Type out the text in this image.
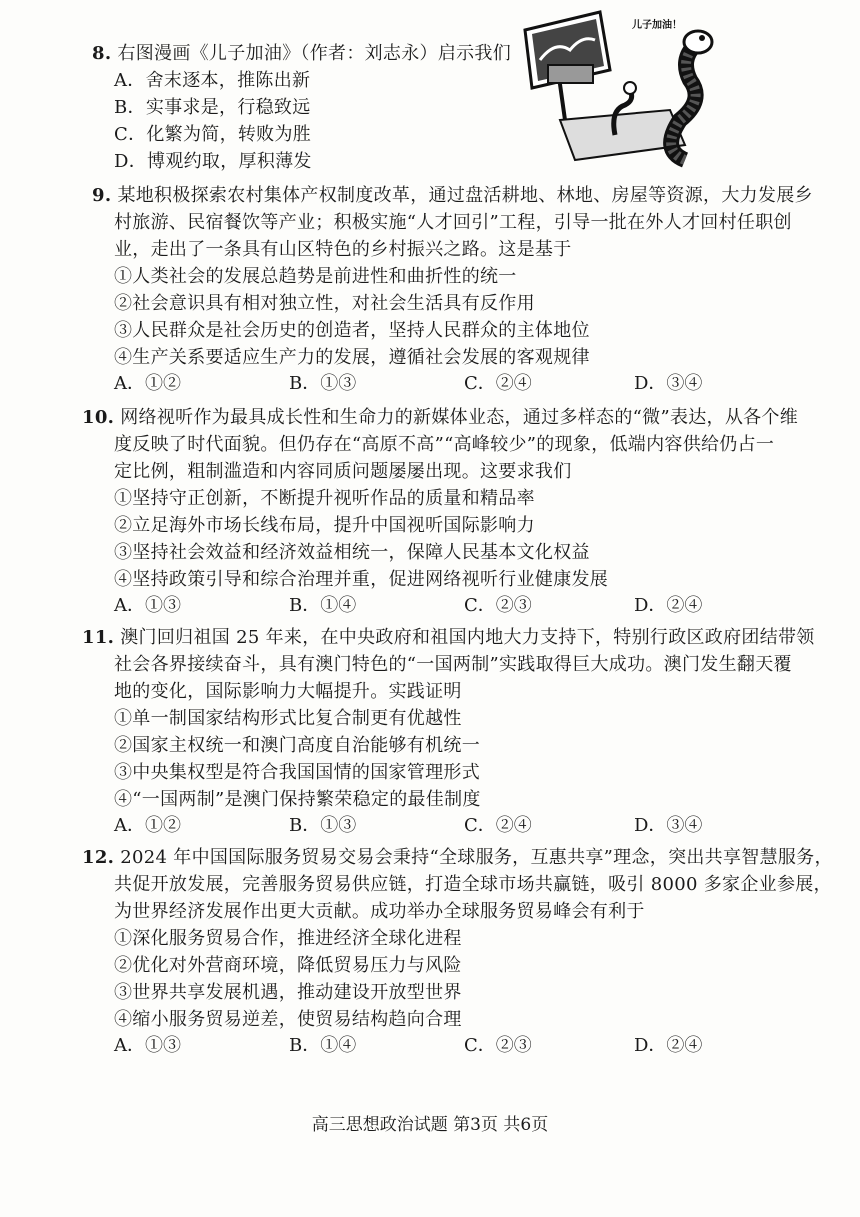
儿子加油！
8. 右图漫画《儿子加油》（作者：刘志永）启示我们
A．舍末逐本，推陈出新
B．实事求是，行稳致远
C．化繁为简，转败为胜
D．博观约取，厚积薄发
9. 某地积极探索农村集体产权制度改革，通过盘活耕地、林地、房屋等资源，大力发展乡
村旅游、民宿餐饮等产业；积极实施“人才回引”工程，引导一批在外人才回村任职创
业，走出了一条具有山区特色的乡村振兴之路。这是基于
①人类社会的发展总趋势是前进性和曲折性的统一
②社会意识具有相对独立性，对社会生活具有反作用
③人民群众是社会历史的创造者，坚持人民群众的主体地位
④生产关系要适应生产力的发展，遵循社会发展的客观规律
A．①②	B．①③	C．②④	D．③④
10. 网络视听作为最具成长性和生命力的新媒体业态，通过多样态的“微”表达，从各个维
度反映了时代面貌。但仍存在“高原不高”“高峰较少”的现象，低端内容供给仍占一
定比例，粗制滥造和内容同质问题屡屡出现。这要求我们
①坚持守正创新，不断提升视听作品的质量和精品率
②立足海外市场长线布局，提升中国视听国际影响力
③坚持社会效益和经济效益相统一，保障人民基本文化权益
④坚持政策引导和综合治理并重，促进网络视听行业健康发展
A．①③	B．①④	C．②③	D．②④
11. 澳门回归祖国 25 年来，在中央政府和祖国内地大力支持下，特别行政区政府团结带领
社会各界接续奋斗，具有澳门特色的“一国两制”实践取得巨大成功。澳门发生翻天覆
地的变化，国际影响力大幅提升。实践证明
①单一制国家结构形式比复合制更有优越性
②国家主权统一和澳门高度自治能够有机统一
③中央集权型是符合我国国情的国家管理形式
④“一国两制”是澳门保持繁荣稳定的最佳制度
A．①②	B．①③	C．②④	D．③④
12. 2024 年中国国际服务贸易交易会秉持“全球服务，互惠共享”理念，突出共享智慧服务，
共促开放发展，完善服务贸易供应链，打造全球市场共赢链，吸引 8000 多家企业参展，
为世界经济发展作出更大贡献。成功举办全球服务贸易峰会有利于
①深化服务贸易合作，推进经济全球化进程
②优化对外营商环境，降低贸易压力与风险
③世界共享发展机遇，推动建设开放型世界
④缩小服务贸易逆差，使贸易结构趋向合理
A．①③	B．①④	C．②③	D．②④
高三思想政治试题 第3页 共6页
